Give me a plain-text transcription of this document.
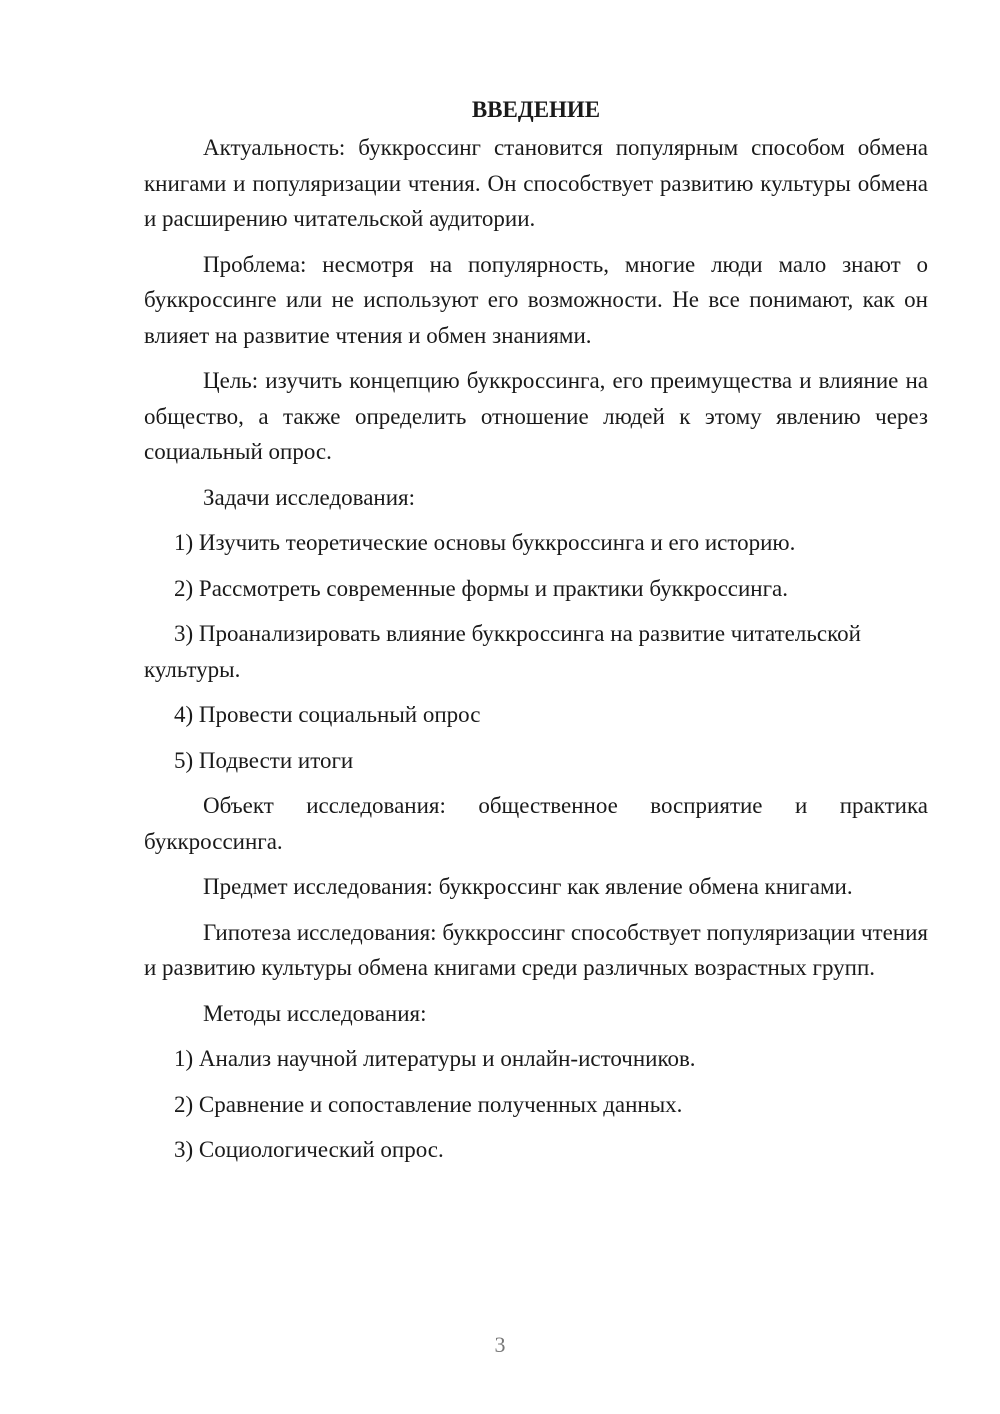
ВВЕДЕНИЕ

Актуальность: буккроссинг становится популярным способом обмена книгами и популяризации чтения. Он способствует развитию культуры обмена и расширению читательской аудитории.

Проблема: несмотря на популярность, многие люди мало знают о буккроссинге или не используют его возможности. Не все понимают, как он влияет на развитие чтения и обмен знаниями.

Цель: изучить концепцию буккроссинга, его преимущества и влияние на общество, а также определить отношение людей к этому явлению через социальный опрос.

Задачи исследования:

1) Изучить теоретические основы буккроссинга и его историю.

2) Рассмотреть современные формы и практики буккроссинга.

3) Проанализировать влияние буккроссинга на развитие читательской культуры.

4) Провести социальный опрос

5) Подвести итоги

Объект исследования: общественное восприятие и практика буккроссинга.

Предмет исследования: буккроссинг как явление обмена книгами.

Гипотеза исследования: буккроссинг способствует популяризации чтения и развитию культуры обмена книгами среди различных возрастных групп.

Методы исследования:

1) Анализ научной литературы и онлайн-источников.

2) Сравнение и сопоставление полученных данных.

3) Социологический опрос.

3
